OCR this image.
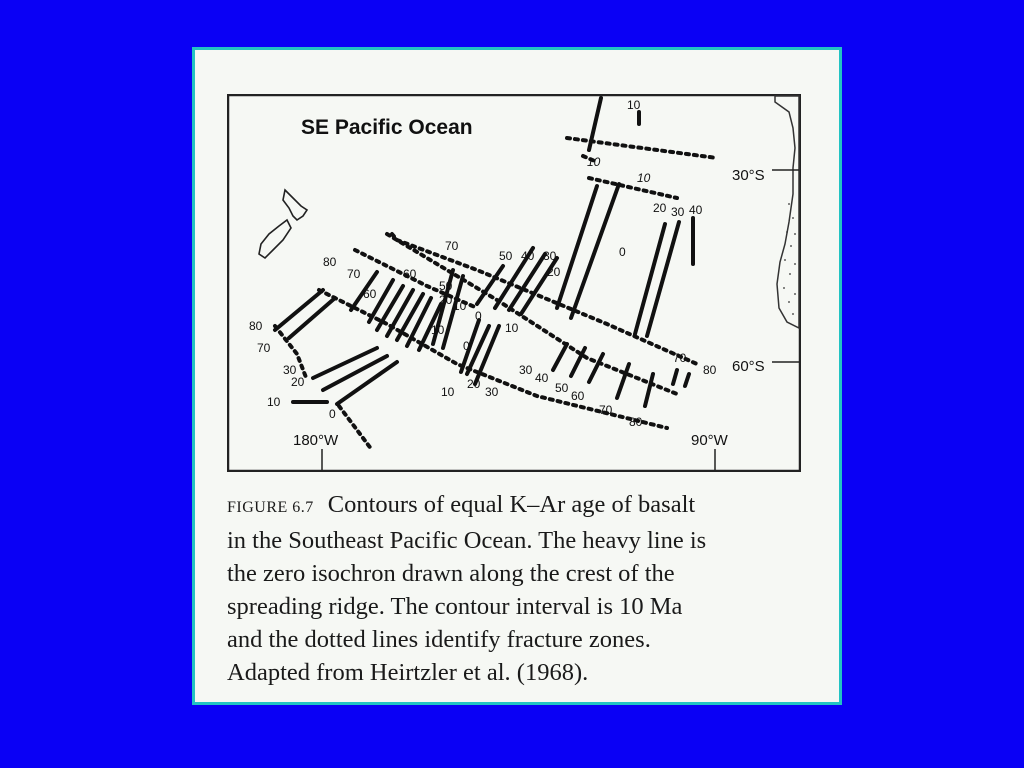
SE Pacific Ocean
30°S
60°S
180°W	90°W
10
10
10
20 30 40
70
50 40 30
20
0
80
70
60
60
50
20 10
0
10	10
0
80
70
30
20
10
0
10
20
30
30
40
50
60
70
80
70
80
FIGURE 6.7 Contours of equal K–Ar age of basalt
in the Southeast Pacific Ocean. The heavy line is
the zero isochron drawn along the crest of the
spreading ridge. The contour interval is 10 Ma
and the dotted lines identify fracture zones.
Adapted from Heirtzler et al. (1968).
